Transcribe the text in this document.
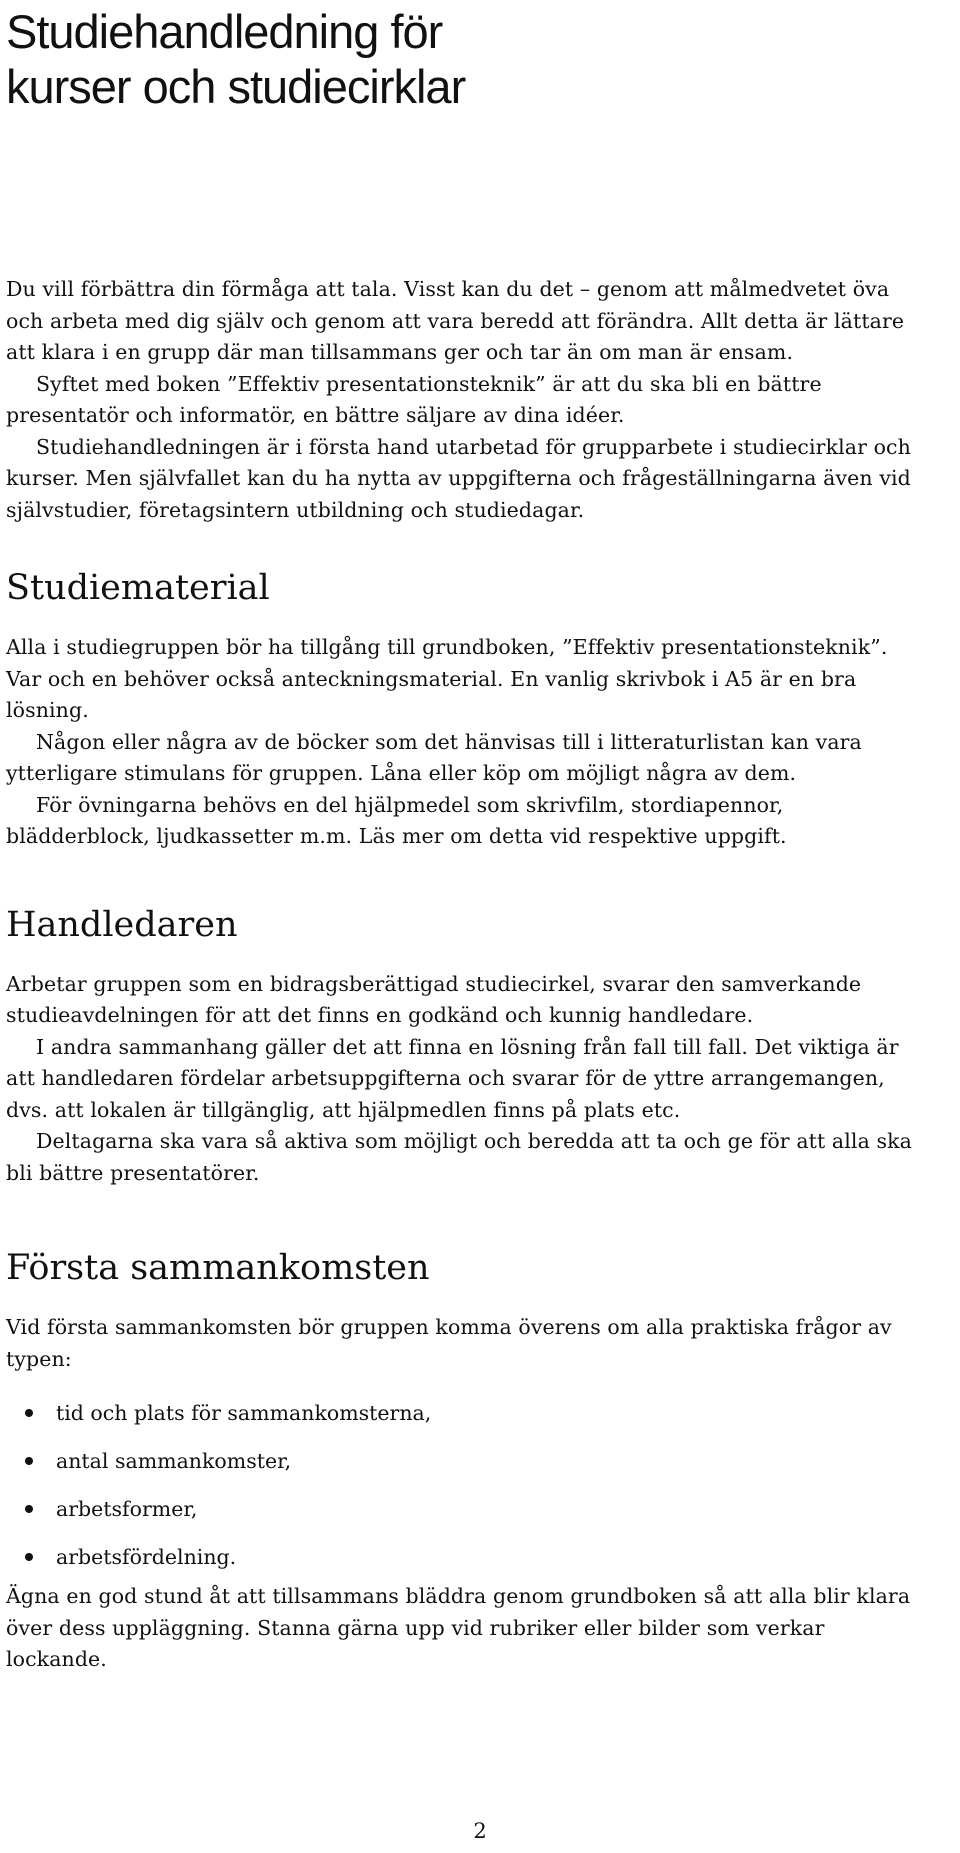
Studiehandledning för
kurser och studiecirklar

Du vill förbättra din förmåga att tala. Visst kan du det – genom att målmedvetet öva och arbeta med dig själv och genom att vara beredd att förändra. Allt detta är lättare att klara i en grupp där man tillsammans ger och tar än om man är ensam.

Syftet med boken ”Effektiv presentationsteknik” är att du ska bli en bättre presentatör och informatör, en bättre säljare av dina idéer.

Studiehandledningen är i första hand utarbetad för grupparbete i studiecirklar och kurser. Men självfallet kan du ha nytta av uppgifterna och frågeställningarna även vid självstudier, företagsintern utbildning och studiedagar.

Studiematerial

Alla i studiegruppen bör ha tillgång till grundboken, ”Effektiv presentationsteknik”. Var och en behöver också anteckningsmaterial. En vanlig skrivbok i A5 är en bra lösning.

Någon eller några av de böcker som det hänvisas till i litteraturlistan kan vara ytterligare stimulans för gruppen. Låna eller köp om möjligt några av dem.

För övningarna behövs en del hjälpmedel som skrivfilm, stordiapennor, blädderblock, ljudkassetter m.m. Läs mer om detta vid respektive uppgift.

Handledaren

Arbetar gruppen som en bidragsberättigad studiecirkel, svarar den samverkande studieavdelningen för att det finns en godkänd och kunnig handledare.

I andra sammanhang gäller det att finna en lösning från fall till fall. Det viktiga är att handledaren fördelar arbetsuppgifterna och svarar för de yttre arrangemangen, dvs. att lokalen är tillgänglig, att hjälpmedlen finns på plats etc.

Deltagarna ska vara så aktiva som möjligt och beredda att ta och ge för att alla ska bli bättre presentatörer.

Första sammankomsten

Vid första sammankomsten bör gruppen komma överens om alla praktiska frågor av typen:

tid och plats för sammankomsterna,
antal sammankomster,
arbetsformer,
arbetsfördelning.

Ägna en god stund åt att tillsammans bläddra genom grundboken så att alla blir klara över dess uppläggning. Stanna gärna upp vid rubriker eller bilder som verkar lockande.

2
